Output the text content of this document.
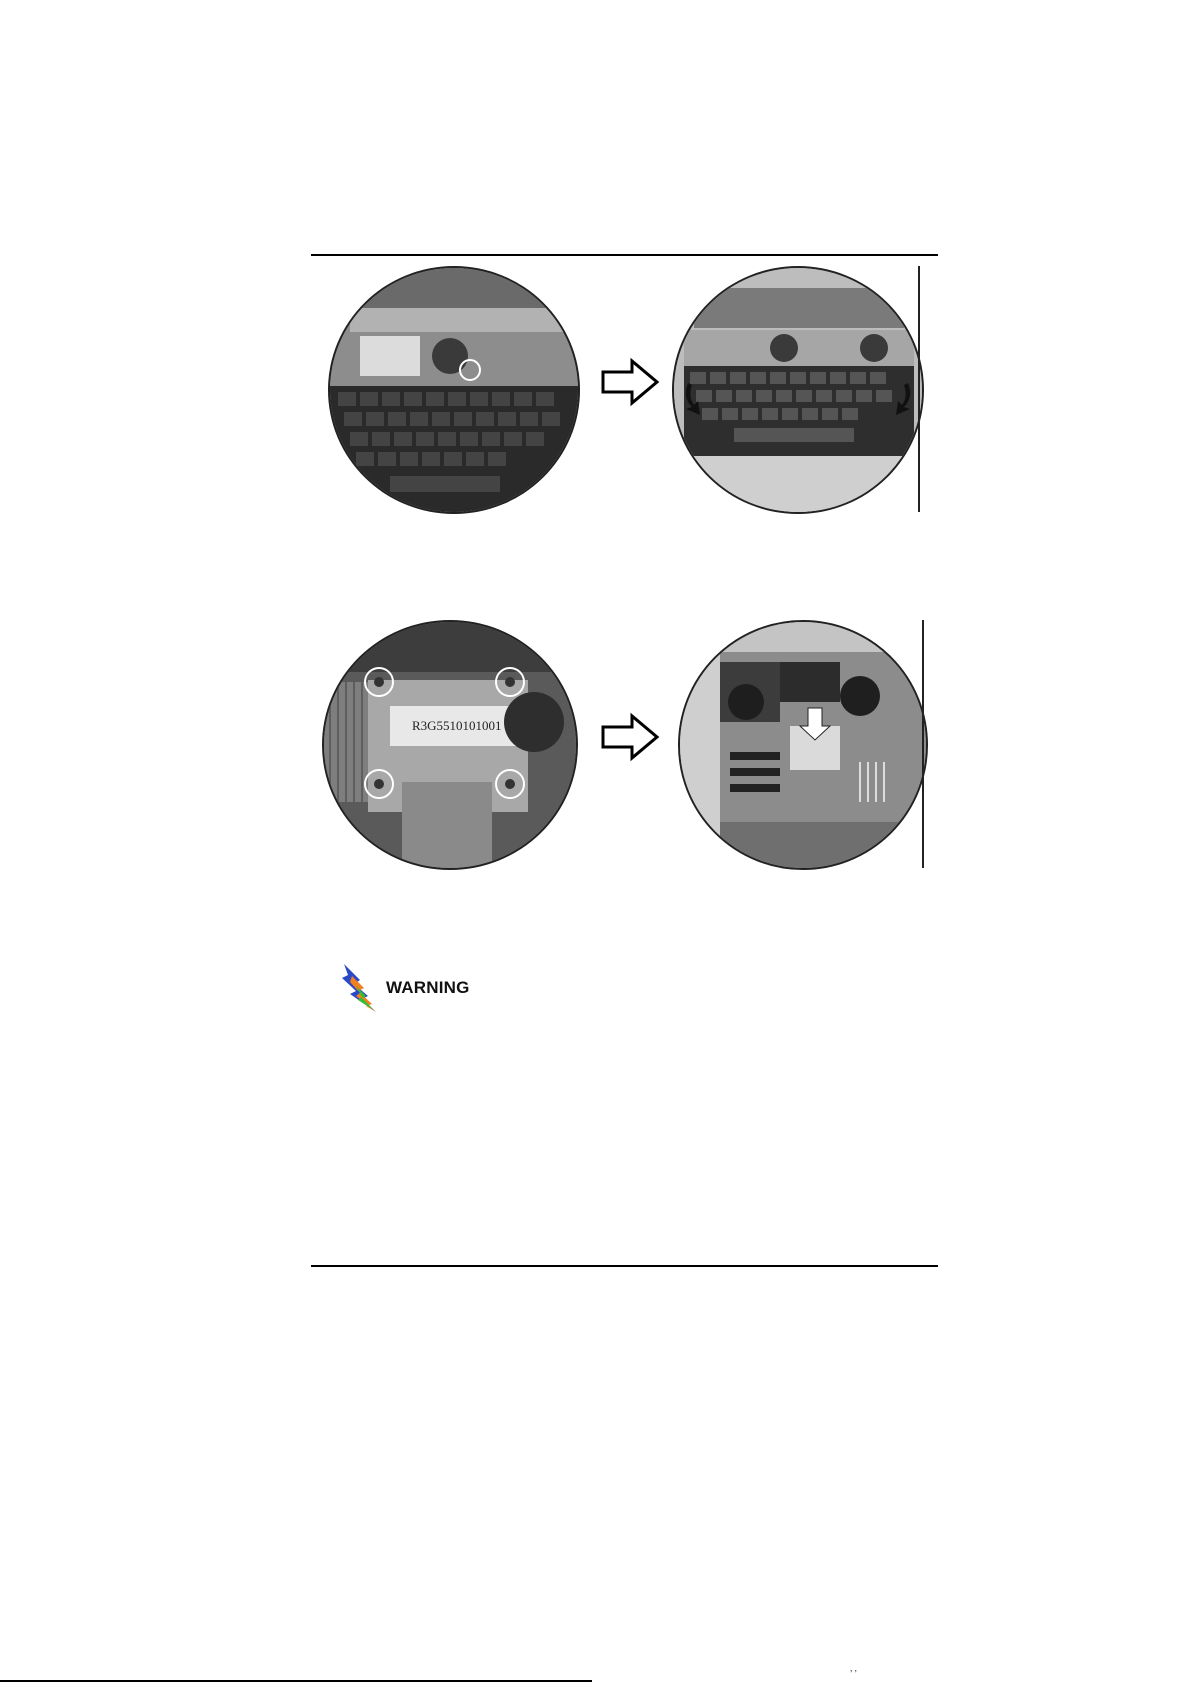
R3G5510101001
WARNING
’ ’
